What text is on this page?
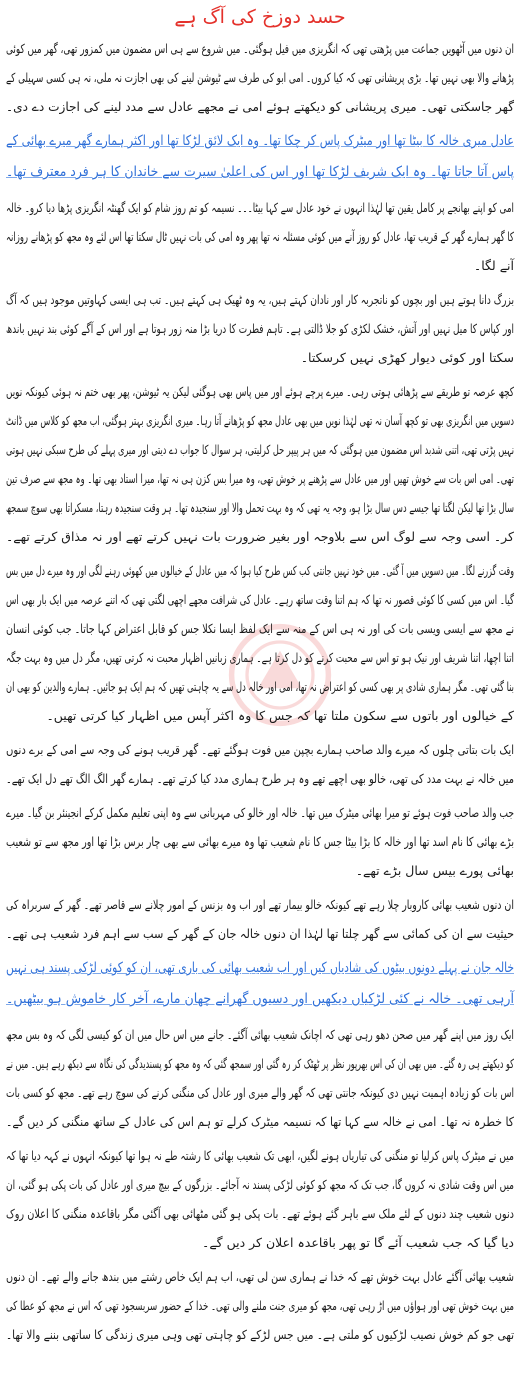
حسد دوزخ کی آگ ہے
ان دنوں میں آٹھویں جماعت میں پڑھتی تھی کہ انگریزی میں فیل ہوگئی۔ میں شروع سے ہی اس مضمون میں کمزور تھی، گھر میں کوئی
پڑھانے والا بھی نہیں تھا۔ بڑی پریشانی تھی کہ کیا کروں۔ امی ابو کی طرف سے ٹیوشن لینے کی بھی اجازت نہ ملی، نہ ہی کسی سہیلی کے
گھر جاسکتی تھی۔ میری پریشانی کو دیکھتے ہوئے امی نے مجھے عادل سے مدد لینے کی اجازت دے دی۔
عادل میری خالہ کا بیٹا تھا اور میٹرک پاس کر چکا تھا۔ وہ ایک لائق لڑکا تھا اور اکثر ہمارے گھر میرے بھائی کے
پاس آتا جاتا تھا۔ وہ ایک شریف لڑکا تھا اور اس کی اعلیٰ سیرت سے خاندان کا ہر فرد معترف تھا۔
امی کو اپنے بھانجے پر کامل یقین تھا لہٰذا انہوں نے خود عادل سے کہا بیٹا۔۔۔ نسیمہ کو تم روز شام کو ایک گھنٹہ انگریزی پڑھا دیا کرو۔ خالہ
کا گھر ہمارے گھر کے قریب تھا، عادل کو روز آنے میں کوئی مسئلہ نہ تھا پھر وہ امی کی بات نہیں ٹال سکتا تھا اس لئے وہ مجھ کو پڑھانے روزانہ
آنے لگا۔
بزرگ دانا ہوتے ہیں اور بچوں کو ناتجربہ کار اور نادان کہتے ہیں، یہ وہ ٹھیک ہی کہتے ہیں۔ تب ہی ایسی کہاوتیں موجود ہیں کہ آگ
اور کپاس کا میل نہیں اور آتش، خشک لکڑی کو جلا ڈالتی ہے۔ تاہم فطرت کا دریا بڑا منہ زور ہوتا ہے اور اس کے آگے کوئی بند نہیں باندھ
سکتا اور کوئی دیوار کھڑی نہیں کرسکتا۔
کچھ عرصہ تو طریقے سے پڑھائی ہوتی رہی۔ میرے پرچے ہوئے اور میں پاس بھی ہوگئی لیکن یہ ٹیوشن، پھر بھی ختم نہ ہوئی کیونکہ نویں
دسویں میں انگریزی بھی تو کچھ آسان نہ تھی لہٰذا نویں میں بھی عادل مجھ کو پڑھانے آتا رہا۔ میری انگریزی بہتر ہوگئی، اب مجھ کو کلاس میں ڈانٹ
نہیں پڑتی تھی، اتنی شدبد اس مضمون میں ہوگئی کہ میں ہر پیپر حل کرلیتی، ہر سوال کا جواب دے دیتی اور میری پہلے کی طرح سبکی نہیں ہوتی
تھی۔ امی اس بات سے خوش تھیں اور میں عادل سے پڑھنے پر خوش تھی، وہ میرا بس کزن ہی نہ تھا، میرا استاد بھی تھا۔ وہ مجھ سے صرف تین
سال بڑا تھا لیکن لگتا تھا جیسے دس سال بڑا ہو، وجہ یہ تھی کہ وہ بہت تحمل والا اور سنجیدہ تھا۔ ہر وقت سنجیدہ رہتا، مسکراتا بھی سوچ سمجھ
کر۔ اسی وجہ سے لوگ اس سے بلاوجہ اور بغیر ضرورت بات نہیں کرتے تھے اور نہ مذاق کرتے تھے۔
وقت گزرنے لگا۔ میں دسویں میں آ گئی۔ میں خود نہیں جانتی کب کس طرح کیا ہوا کہ میں عادل کے خیالوں میں کھوئی رہنے لگی اور وہ میرے دل میں بس
گیا۔ اس میں کسی کا کوئی قصور نہ تھا کہ ہم اتنا وقت ساتھ رہے۔ عادل کی شرافت مجھے اچھی لگتی تھی کہ اتنے عرصہ میں ایک بار بھی اس
نے مجھ سے ایسی ویسی بات کی اور نہ ہی اس کے منہ سے ایک لفظ ایسا نکلا جس کو قابل اعتراض کہا جاتا۔ جب کوئی انسان
اتنا اچھا، اتنا شریف اور نیک ہو تو اس سے محبت کرنے کو دل کرتا ہے۔ ہماری زبانیں اظہار محبت نہ کرتی تھیں، مگر دل میں وہ بہت جگہ
بنا گئی تھی۔ مگر ہماری شادی پر بھی کسی کو اعتراض نہ تھا، امی اور خالہ دل سے یہ چاہتی تھیں کہ ہم ایک ہو جائیں۔ ہمارے والدین کو بھی ان
کے خیالوں اور باتوں سے سکون ملتا تھا کہ جس کا وہ اکثر آپس میں اظہار کیا کرتی تھیں۔
ایک بات بتاتی چلوں کہ میرے والد صاحب ہمارے بچپن میں فوت ہوگئے تھے۔ گھر قریب ہونے کی وجہ سے امی کے برے دنوں
میں خالہ نے بہت مدد کی تھی، خالو بھی اچھے تھے وہ ہر طرح ہماری مدد کیا کرتے تھے۔ ہمارے گھر الگ الگ تھے دل ایک تھے۔
جب والد صاحب فوت ہوئے تو میرا بھائی میٹرک میں تھا۔ خالہ اور خالو کی مہربانی سے وہ اپنی تعلیم مکمل کرکے انجینئر بن گیا۔ میرے
بڑے بھائی کا نام اسد تھا اور خالہ کا بڑا بیٹا جس کا نام شعیب تھا وہ میرے بھائی سے بھی چار برس بڑا تھا اور مجھ سے تو شعیب
بھائی پورے بیس سال بڑے تھے۔
ان دنوں شعیب بھائی کاروبار چلا رہے تھے کیونکہ خالو بیمار تھے اور اب وہ بزنس کے امور چلانے سے قاصر تھے۔ گھر کے سربراہ کی
حیثیت سے ان کی کمائی سے گھر چلتا تھا لہٰذا ان دنوں خالہ جان کے گھر کے سب سے اہم فرد شعیب ہی تھے۔
خالہ جان نے پہلے دونوں بیٹوں کی شادیاں کیں اور اب شعیب بھائی کی باری تھی، ان کو کوئی لڑکی پسند ہی نہیں
آرہی تھی۔ خالہ نے کئی لڑکیاں دیکھیں اور دسیوں گھرانے چھان مارے، آخر کار خاموش ہو بیٹھیں۔
ایک روز میں اپنے گھر میں صحن دھو رہی تھی کہ اچانک شعیب بھائی آگئے۔ جانے میں اس حال میں ان کو کیسی لگی کہ وہ بس مجھ
کو دیکھتے ہی رہ گئے۔ میں بھی ان کی اس بھرپور نظر پر ٹھٹک کر رہ گئی اور سمجھ گئی کہ وہ مجھ کو پسندیدگی کی نگاہ سے دیکھ رہے ہیں۔ میں نے
اس بات کو زیادہ اہمیت نہیں دی کیونکہ جانتی تھی کہ گھر والے میری اور عادل کی منگنی کرنے کی سوچ رہے تھے۔ مجھ کو کسی بات
کا خطرہ نہ تھا۔ امی نے خالہ سے کہا تھا کہ نسیمہ میٹرک کرلے تو ہم اس کی عادل کے ساتھ منگنی کر دیں گے۔
میں نے میٹرک پاس کرلیا تو منگنی کی تیاریاں ہونے لگیں، ابھی تک شعیب بھائی کا رشتہ طے نہ ہوا تھا کیونکہ انہوں نے کہہ دیا تھا کہ
میں اس وقت شادی نہ کروں گا، جب تک کہ مجھ کو کوئی لڑکی پسند نہ آجائے۔ بزرگوں کے بیچ میری اور عادل کی بات پکی ہو گئی، ان
دنوں شعیب چند دنوں کے لئے ملک سے باہر گئے ہوئے تھے۔ بات پکی ہو گئی مٹھائی بھی آگئی مگر باقاعدہ منگنی کا اعلان روک
دیا گیا کہ جب شعیب آئے گا تو پھر باقاعدہ اعلان کر دیں گے۔
شعیب بھائی آگئے عادل بہت خوش تھے کہ خدا نے ہماری سن لی تھی، اب ہم ایک خاص رشتے میں بندھ جانے والے تھے۔ ان دنوں
میں بہت خوش تھی اور ہواؤں میں اڑ رہی تھی، مجھ کو میری جنت ملنے والی تھی۔ خدا کے حضور سربسجود تھی کہ اس نے مجھ کو عطا کی
تھی جو کم خوش نصیب لڑکیوں کو ملتی ہے۔ میں جس لڑکے کو چاہتی تھی وہی میری زندگی کا ساتھی بننے والا تھا۔
